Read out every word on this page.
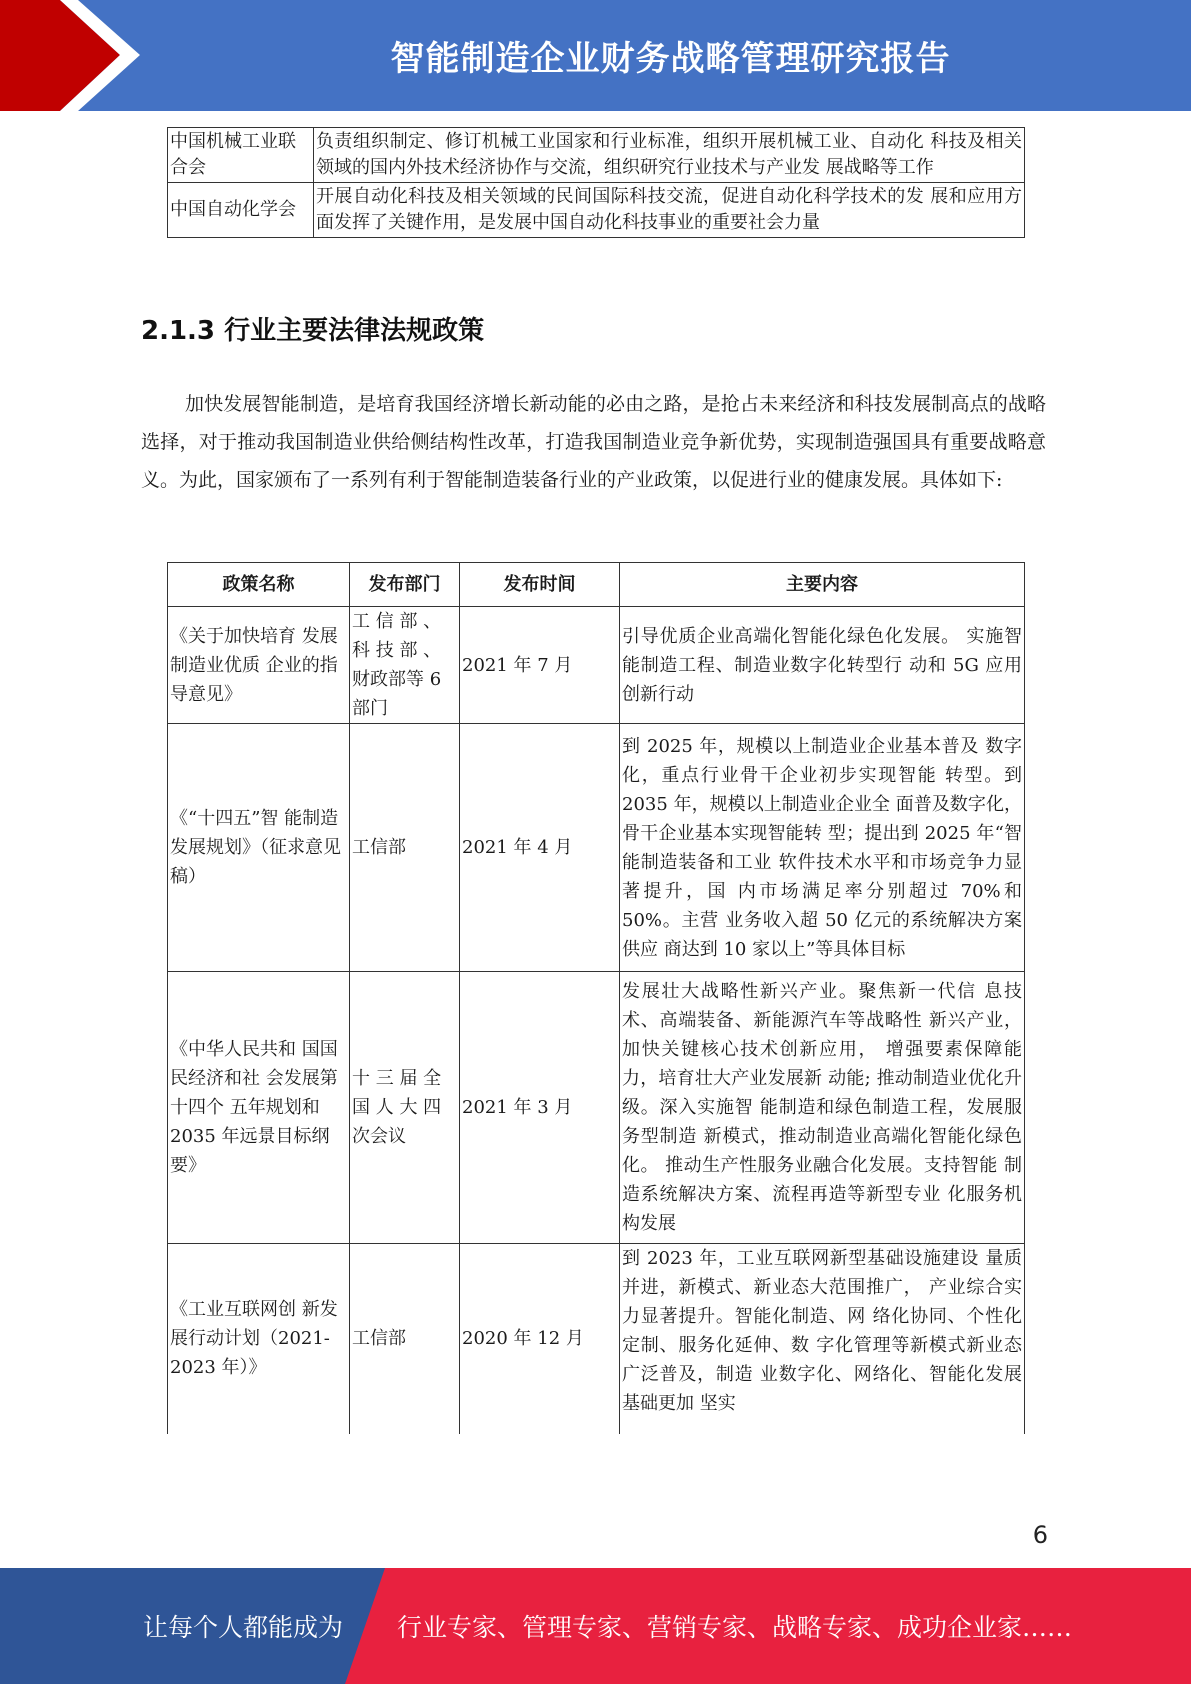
智能制造企业财务战略管理研究报告
中国机械工业联合会	负责组织制定、修订机械工业国家和行业标准，组织开展机械工业、自动化 科技及相关领域的国内外技术经济协作与交流，组织研究行业技术与产业发 展战略等工作
中国自动化学会	开展自动化科技及相关领域的民间国际科技交流，促进自动化科学技术的发 展和应用方面发挥了关键作用，是发展中国自动化科技事业的重要社会力量
2.1.3 行业主要法律法规政策
加快发展智能制造，是培育我国经济增长新动能的必由之路，是抢占未来经济和科技发展制高点的战略选择，对于推动我国制造业供给侧结构性改革，打造我国制造业竞争新优势，实现制造强国具有重要战略意义。为此，国家颁布了一系列有利于智能制造装备行业的产业政策，以促进行业的健康发展。具体如下:
政策名称	发布部门	发布时间	主要内容
《关于加快培育 发展制造业优质 企业的指导意见》	工 信 部 、 科 技 部 、 财政部等 6 部门	2021 年 7 月	引导优质企业高端化智能化绿色化发展。 实施智能制造工程、制造业数字化转型行 动和 5G 应用创新行动
《“十四五”智 能制造发展规划》（征求意见稿）	工信部	2021 年 4 月	到 2025 年，规模以上制造业企业基本普及 数字化，重点行业骨干企业初步实现智能 转型。到 2035 年，规模以上制造业企业全 面普及数字化，骨干企业基本实现智能转 型；提出到 2025 年“智能制造装备和工业 软件技术水平和市场竞争力显著提升，国 内市场满足率分别超过 70%和 50%。主营 业务收入超 50 亿元的系统解决方案供应 商达到 10 家以上”等具体目标
《中华人民共和 国国民经济和社 会发展第十四个 五年规划和 2035 年远景目标纲要》	十 三 届 全 国 人 大 四 次会议	2021 年 3 月	发展壮大战略性新兴产业。聚焦新一代信 息技术、高端装备、新能源汽车等战略性 新兴产业， 加快关键核心技术创新应用， 增强要素保障能力，培育壮大产业发展新 动能; 推动制造业优化升级。深入实施智 能制造和绿色制造工程，发展服务型制造 新模式，推动制造业高端化智能化绿色化。 推动生产性服务业融合化发展。支持智能 制造系统解决方案、流程再造等新型专业 化服务机构发展
《工业互联网创 新发展行动计划（2021-2023 年）》	工信部	2020 年 12 月	到 2023 年，工业互联网新型基础设施建设 量质并进，新模式、新业态大范围推广， 产业综合实力显著提升。智能化制造、网 络化协同、个性化定制、服务化延伸、数 字化管理等新模式新业态广泛普及，制造 业数字化、网络化、智能化发展基础更加 坚实
6
让每个人都能成为 行业专家、管理专家、营销专家、战略专家、成功企业家……
